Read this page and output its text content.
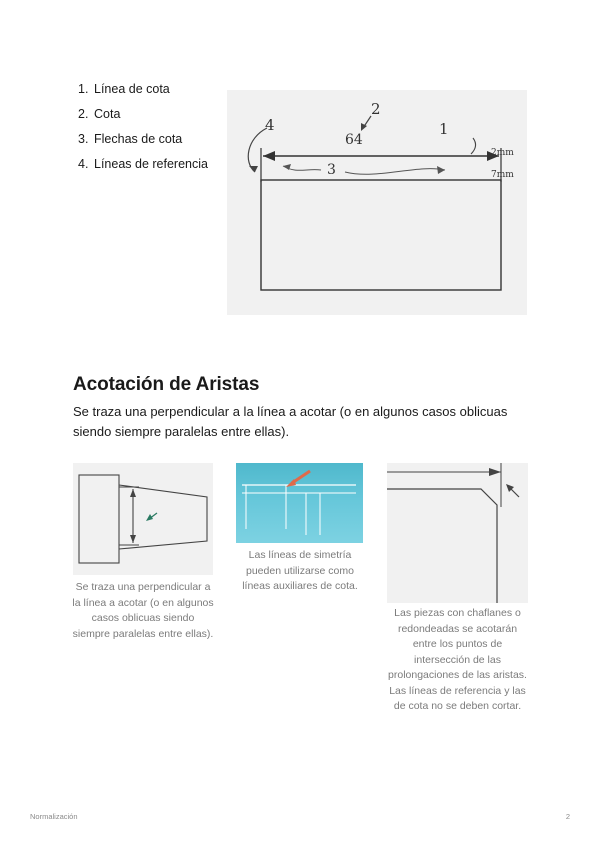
1. Línea de cota
2. Cota
3. Flechas de cota
4. Líneas de referencia
4
2
1
64
3
2mm
7mm
Acotación de Aristas
Se traza una perpendicular a la línea a acotar (o en algunos casos oblicuas siendo siempre paralelas entre ellas).
Se traza una perpendicular a la línea a acotar (o en algunos casos oblicuas siendo siempre paralelas entre ellas).
Las líneas de simetría pueden utilizarse como líneas auxiliares de cota.
Las piezas con chaflanes o redondeadas se acotarán entre los puntos de intersección de las prolongaciones de las aristas. Las líneas de referencia y las de cota no se deben cortar.
Normalización	2
